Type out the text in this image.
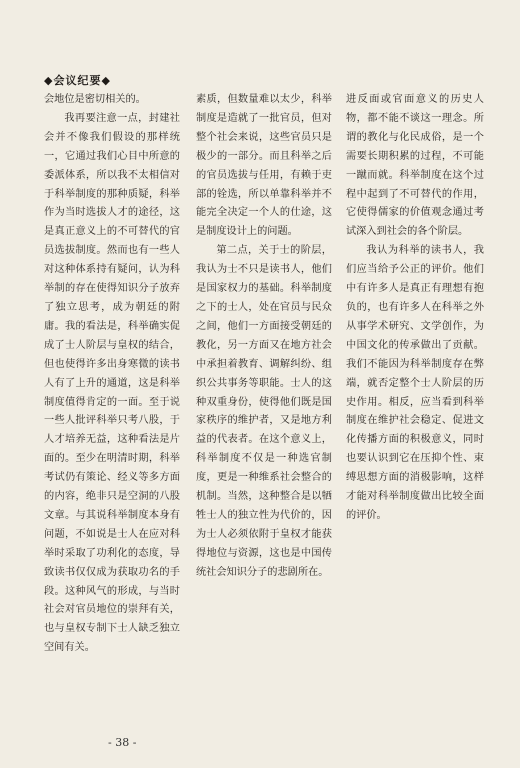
◆会议纪要◆

会地位是密切相关的。

我再要注意一点，封建社会并不像我们假设的那样统一，它通过我们心目中所意的委派体系，所以我不太相信对于科举制度的那种质疑，科举作为当时选拔人才的途径，这是真正意义上的不可替代的官员选拔制度。然而也有一些人对这种体系持有疑问，认为科举制的存在使得知识分子放弃了独立思考，成为朝廷的附庸。我的看法是，科举确实促成了士人阶层与皇权的结合，但也使得许多出身寒微的读书人有了上升的通道，这是科举制度值得肯定的一面。至于说一些人批评科举只考八股，于人才培养无益，这种看法是片面的。至少在明清时期，科举考试仍有策论、经义等多方面的内容，绝非只是空洞的八股文章。与其说科举制度本身有问题，不如说是士人在应对科举时采取了功利化的态度，导致读书仅仅成为获取功名的手段。这种风气的形成，与当时社会对官员地位的崇拜有关，也与皇权专制下士人缺乏独立空间有关。

素质，但数量难以太少，科举制度是造就了一批官员，但对整个社会来说，这些官员只是极少的一部分。而且科举之后的官员选拔与任用，有赖于吏部的铨选，所以单靠科举并不能完全决定一个人的仕途，这是制度设计上的问题。

第二点，关于士的阶层，我认为士不只是读书人，他们是国家权力的基础。科举制度之下的士人，处在官员与民众之间，他们一方面接受朝廷的教化，另一方面又在地方社会中承担着教育、调解纠纷、组织公共事务等职能。士人的这种双重身份，使得他们既是国家秩序的维护者，又是地方利益的代表者。在这个意义上，科举制度不仅是一种选官制度，更是一种维系社会整合的机制。当然，这种整合是以牺牲士人的独立性为代价的，因为士人必须依附于皇权才能获得地位与资源，这也是中国传统社会知识分子的悲剧所在。

进反面或官面意义的历史人物，都不能不谈这一理念。所谓的教化与化民成俗，是一个需要长期积累的过程，不可能一蹴而就。科举制度在这个过程中起到了不可替代的作用，它使得儒家的价值观念通过考试深入到社会的各个阶层。

我认为科举的读书人，我们应当给予公正的评价。他们中有许多人是真正有理想有抱负的，也有许多人在科举之外从事学术研究、文学创作，为中国文化的传承做出了贡献。我们不能因为科举制度存在弊端，就否定整个士人阶层的历史作用。相反，应当看到科举制度在维护社会稳定、促进文化传播方面的积极意义，同时也要认识到它在压抑个性、束缚思想方面的消极影响，这样才能对科举制度做出比较全面的评价。

- 38 -
